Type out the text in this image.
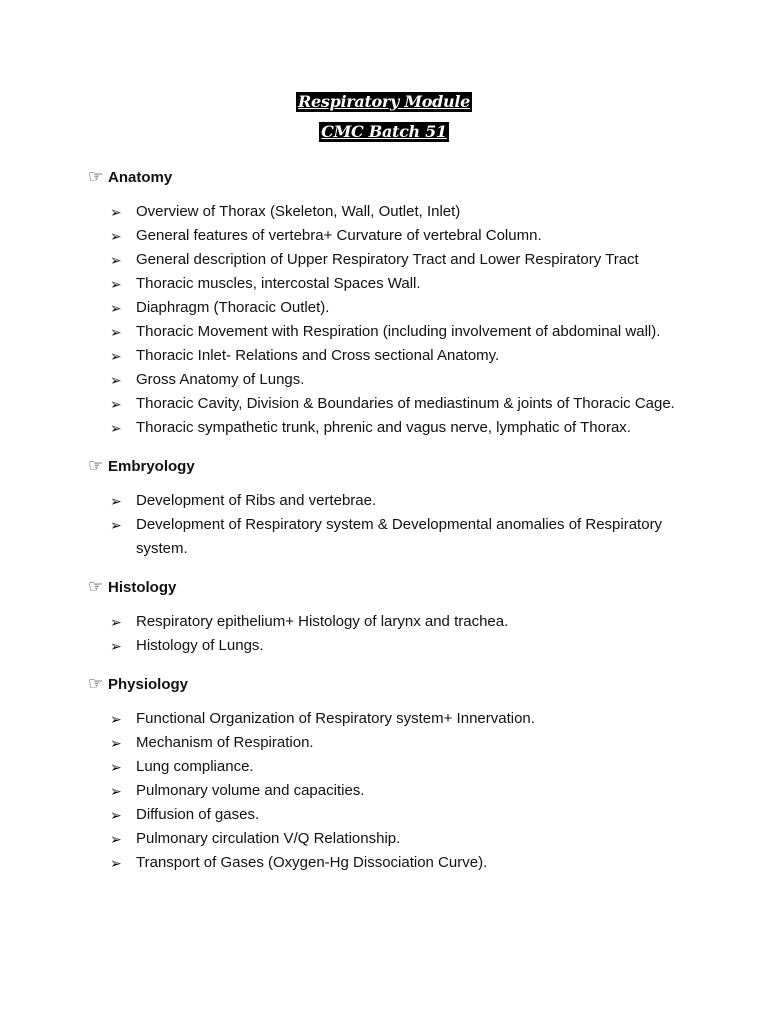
Respiratory Module
CMC Batch 51
☞ Anatomy
➢ Overview of Thorax (Skeleton, Wall, Outlet, Inlet)
➢ General features of vertebra+ Curvature of vertebral Column.
➢ General description of Upper Respiratory Tract and Lower Respiratory Tract
➢ Thoracic muscles, intercostal Spaces Wall.
➢ Diaphragm (Thoracic Outlet).
➢ Thoracic Movement with Respiration (including involvement of abdominal wall).
➢ Thoracic Inlet- Relations and Cross sectional Anatomy.
➢ Gross Anatomy of Lungs.
➢ Thoracic Cavity, Division & Boundaries of mediastinum & joints of Thoracic Cage.
➢ Thoracic sympathetic trunk, phrenic and vagus nerve, lymphatic of Thorax.
☞ Embryology
➢ Development of Ribs and vertebrae.
➢ Development of Respiratory system & Developmental anomalies of Respiratory system.
☞ Histology
➢ Respiratory epithelium+ Histology of larynx and trachea.
➢ Histology of Lungs.
☞ Physiology
➢ Functional Organization of Respiratory system+ Innervation.
➢ Mechanism of Respiration.
➢ Lung compliance.
➢ Pulmonary volume and capacities.
➢ Diffusion of gases.
➢ Pulmonary circulation V/Q Relationship.
➢ Transport of Gases (Oxygen-Hg Dissociation Curve).
